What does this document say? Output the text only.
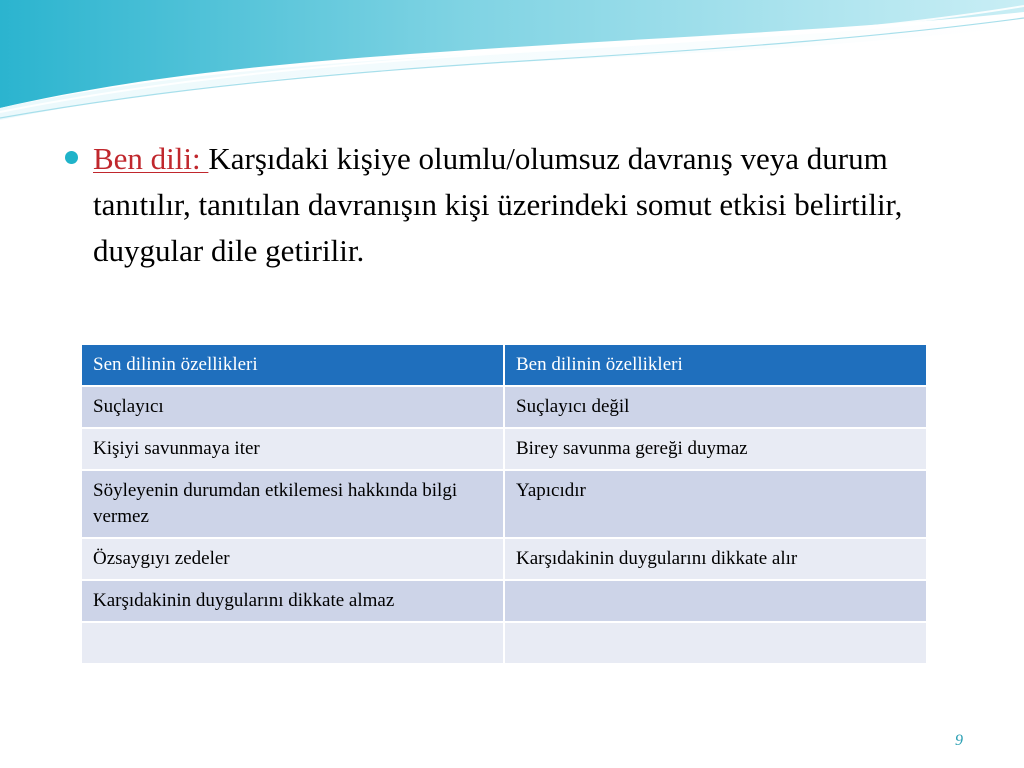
Ben dili: Karşıdaki kişiye olumlu/olumsuz davranış veya durum tanıtılır, tanıtılan davranışın kişi üzerindeki somut etkisi belirtilir, duygular dile getirilir.
Sen dilinin özellikleri	Ben dilinin özellikleri
Suçlayıcı	Suçlayıcı değil
Kişiyi savunmaya iter	Birey savunma gereği duymaz
Söyleyenin durumdan etkilemesi hakkında bilgi vermez	Yapıcıdır
Özsaygıyı zedeler	Karşıdakinin duygularını dikkate alır
Karşıdakinin duygularını dikkate almaz	

9
